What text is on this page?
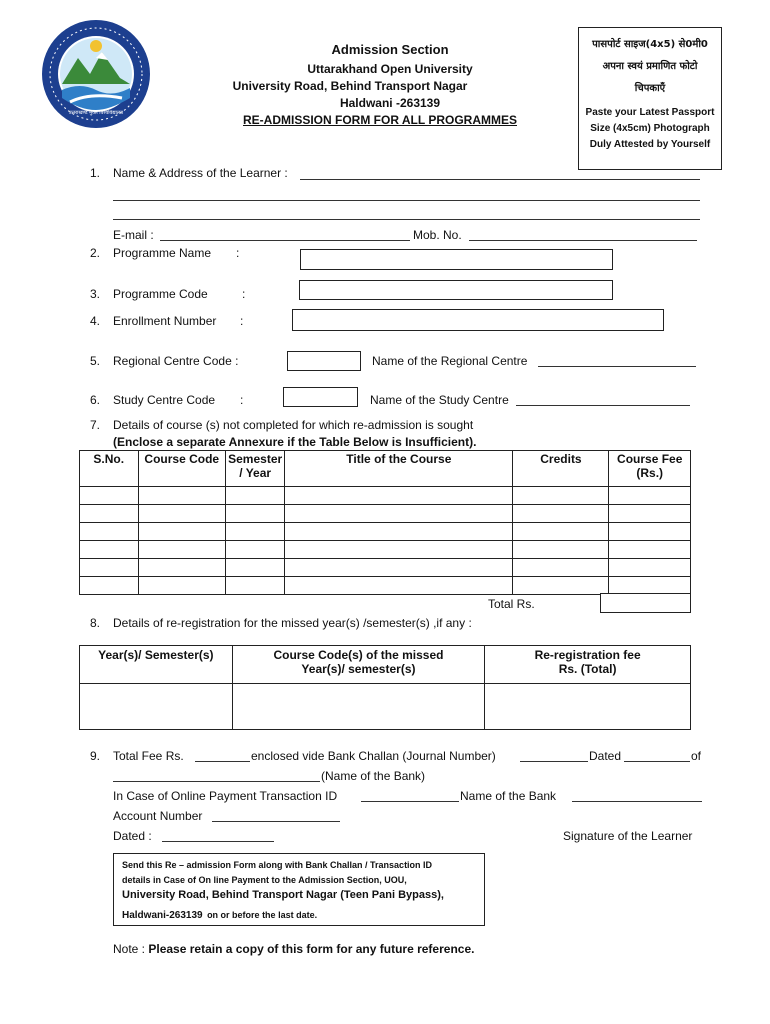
उत्तराखण्ड मुक्त विश्वविद्यालय
Admission Section
Uttarakhand Open University
University Road, Behind Transport Nagar
Haldwani -263139
RE-ADMISSION FORM FOR ALL PROGRAMMES
पासपोर्ट साइज(4x5) से0मी0
अपना स्वयं प्रमाणित फोटो
चिपकाएँ
Paste your Latest Passport
Size (4x5cm) Photograph
Duly Attested by Yourself
1. Name & Address of the Learner :
E-mail :	Mob. No.
2. Programme Name :
3. Programme Code	:
4. Enrollment Number :
5. Regional Centre Code :	Name of the Regional Centre
6. Study Centre Code :	Name of the Study Centre
7. Details of course (s) not completed for which re-admission is sought
(Enclose a separate Annexure if the Table Below is Insufficient).
S.No.	Course Code	Semester / Year	Title of the Course	Credits	Course Fee (Rs.)

Total Rs.
8. Details of re-registration for the missed year(s) /semester(s) ,if any :
Year(s)/ Semester(s)	Course Code(s) of the missed Year(s)/ semester(s)	Re-registration fee Rs. (Total)

9. Total Fee Rs.	enclosed vide Bank Challan (Journal Number)	Dated	of
(Name of the Bank)
In Case of Online Payment Transaction ID	Name of the Bank
Account Number
Dated :	Signature of the Learner
Send this Re – admission Form along with Bank Challan / Transaction ID
details in Case of On line Payment to the Admission Section, UOU,
University Road, Behind Transport Nagar (Teen Pani Bypass),
Haldwani-263139 on or before the last date.
Note : Please retain a copy of this form for any future reference.
